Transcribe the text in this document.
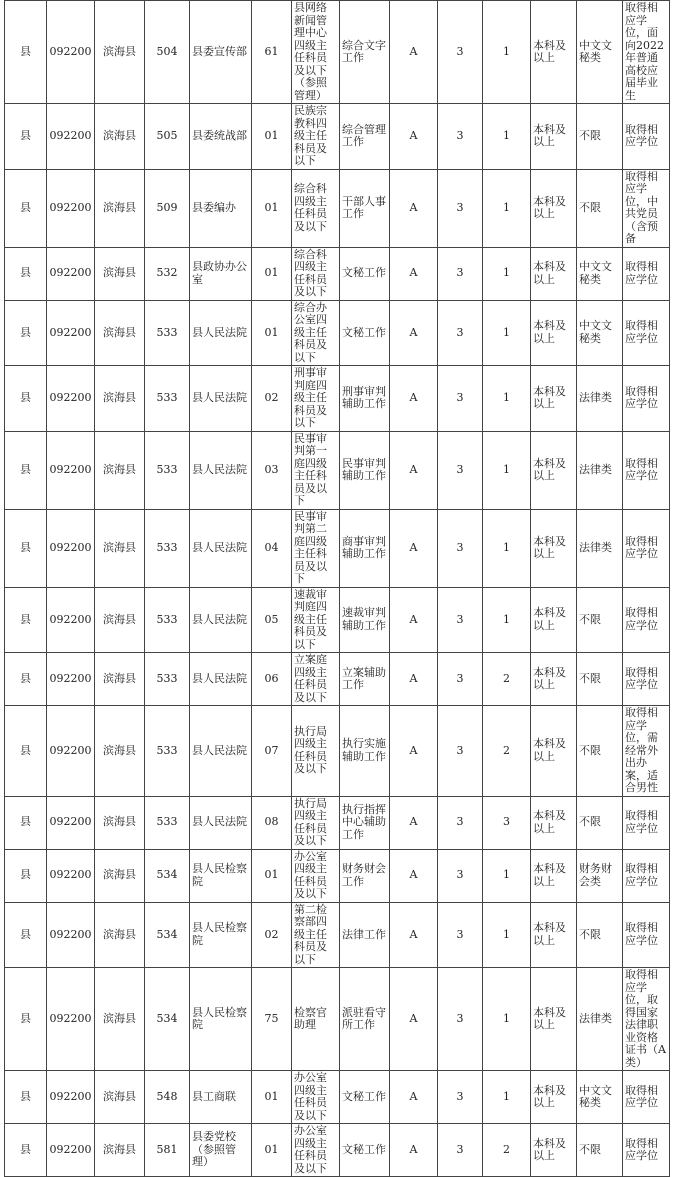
县	092200	滨海县	504	县委宣传部	61	县网络新闻管理中心四级主任科员及以下（参照管理）	综合文字工作	A	3	1	本科及以上	中文文秘类	取得相应学位，面向2022年普通高校应届毕业生
县	092200	滨海县	505	县委统战部	01	民族宗教科四级主任科员及以下	综合管理工作	A	3	1	本科及以上	不限	取得相应学位
县	092200	滨海县	509	县委编办	01	综合科四级主任科员及以下	干部人事工作	A	3	1	本科及以上	不限	取得相应学位，中共党员（含预备
县	092200	滨海县	532	县政协办公室	01	综合科四级主任科员及以下	文秘工作	A	3	1	本科及以上	中文文秘类	取得相应学位
县	092200	滨海县	533	县人民法院	01	综合办公室四级主任科员及以下	文秘工作	A	3	1	本科及以上	中文文秘类	取得相应学位
县	092200	滨海县	533	县人民法院	02	刑事审判庭四级主任科员及以下	刑事审判辅助工作	A	3	1	本科及以上	法律类	取得相应学位
县	092200	滨海县	533	县人民法院	03	民事审判第一庭四级主任科员及以下	民事审判辅助工作	A	3	1	本科及以上	法律类	取得相应学位
县	092200	滨海县	533	县人民法院	04	民事审判第二庭四级主任科员及以下	商事审判辅助工作	A	3	1	本科及以上	法律类	取得相应学位
县	092200	滨海县	533	县人民法院	05	速裁审判庭四级主任科员及以下	速裁审判辅助工作	A	3	1	本科及以上	不限	取得相应学位
县	092200	滨海县	533	县人民法院	06	立案庭四级主任科员及以下	立案辅助工作	A	3	2	本科及以上	不限	取得相应学位
县	092200	滨海县	533	县人民法院	07	执行局四级主任科员及以下	执行实施辅助工作	A	3	2	本科及以上	不限	取得相应学位，需经常外出办案，适合男性
县	092200	滨海县	533	县人民法院	08	执行局四级主任科员及以下	执行指挥中心辅助工作	A	3	3	本科及以上	不限	取得相应学位
县	092200	滨海县	534	县人民检察院	01	办公室四级主任科员及以下	财务财会工作	A	3	1	本科及以上	财务财会类	取得相应学位
县	092200	滨海县	534	县人民检察院	02	第二检察部四级主任科员及以下	法律工作	A	3	1	本科及以上	不限	取得相应学位
县	092200	滨海县	534	县人民检察院	75	检察官助理	派驻看守所工作	A	3	1	本科及以上	法律类	取得相应学位，取得国家法律职业资格证书（A类）
县	092200	滨海县	548	县工商联	01	办公室四级主任科员及以下	文秘工作	A	3	1	本科及以上	中文文秘类	取得相应学位
县	092200	滨海县	581	县委党校（参照管理）	01	办公室四级主任科员及以下	文秘工作	A	3	2	本科及以上	不限	取得相应学位
